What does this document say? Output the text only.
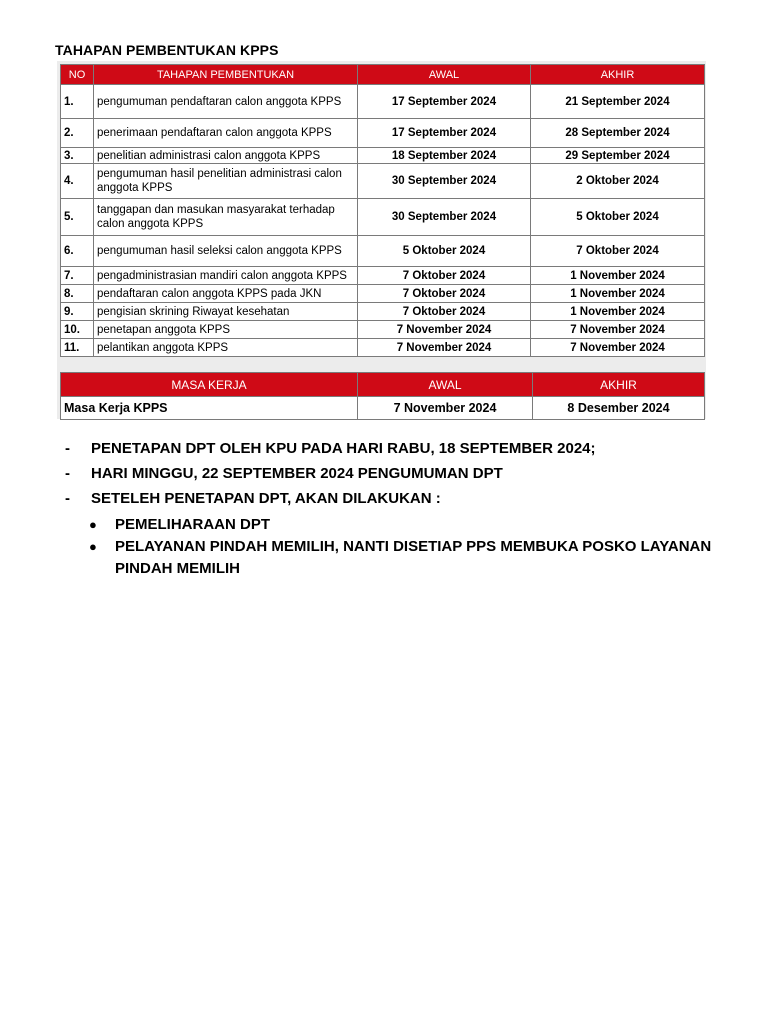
TAHAPAN PEMBENTUKAN KPPS
NO	TAHAPAN PEMBENTUKAN	AWAL	AKHIR
1.	pengumuman pendaftaran calon anggota KPPS	17 September 2024	21 September 2024
2.	penerimaan pendaftaran calon anggota KPPS	17 September 2024	28 September 2024
3.	penelitian administrasi calon anggota KPPS	18 September 2024	29 September 2024
4.	pengumuman hasil penelitian administrasi calon anggota KPPS	30 September 2024	2 Oktober 2024
5.	tanggapan dan masukan masyarakat terhadap calon anggota KPPS	30 September 2024	5 Oktober 2024
6.	pengumuman hasil seleksi calon anggota KPPS	5 Oktober 2024	7 Oktober 2024
7.	pengadministrasian mandiri calon anggota KPPS	7 Oktober 2024	1 November 2024
8.	pendaftaran calon anggota KPPS pada JKN	7 Oktober 2024	1 November 2024
9.	pengisian skrining Riwayat kesehatan	7 Oktober 2024	1 November 2024
10.	penetapan anggota KPPS	7 November 2024	7 November 2024
11.	pelantikan anggota KPPS	7 November 2024	7 November 2024
MASA KERJA	AWAL	AKHIR
Masa Kerja KPPS	7 November 2024	8 Desember 2024
-	PENETAPAN DPT OLEH KPU PADA HARI RABU, 18 SEPTEMBER 2024;
-	HARI MINGGU, 22 SEPTEMBER 2024 PENGUMUMAN DPT
-	SETELEH PENETAPAN DPT, AKAN DILAKUKAN :
●	PEMELIHARAAN DPT
●	PELAYANAN PINDAH MEMILIH, NANTI DISETIAP PPS MEMBUKA POSKO LAYANAN PINDAH MEMILIH
